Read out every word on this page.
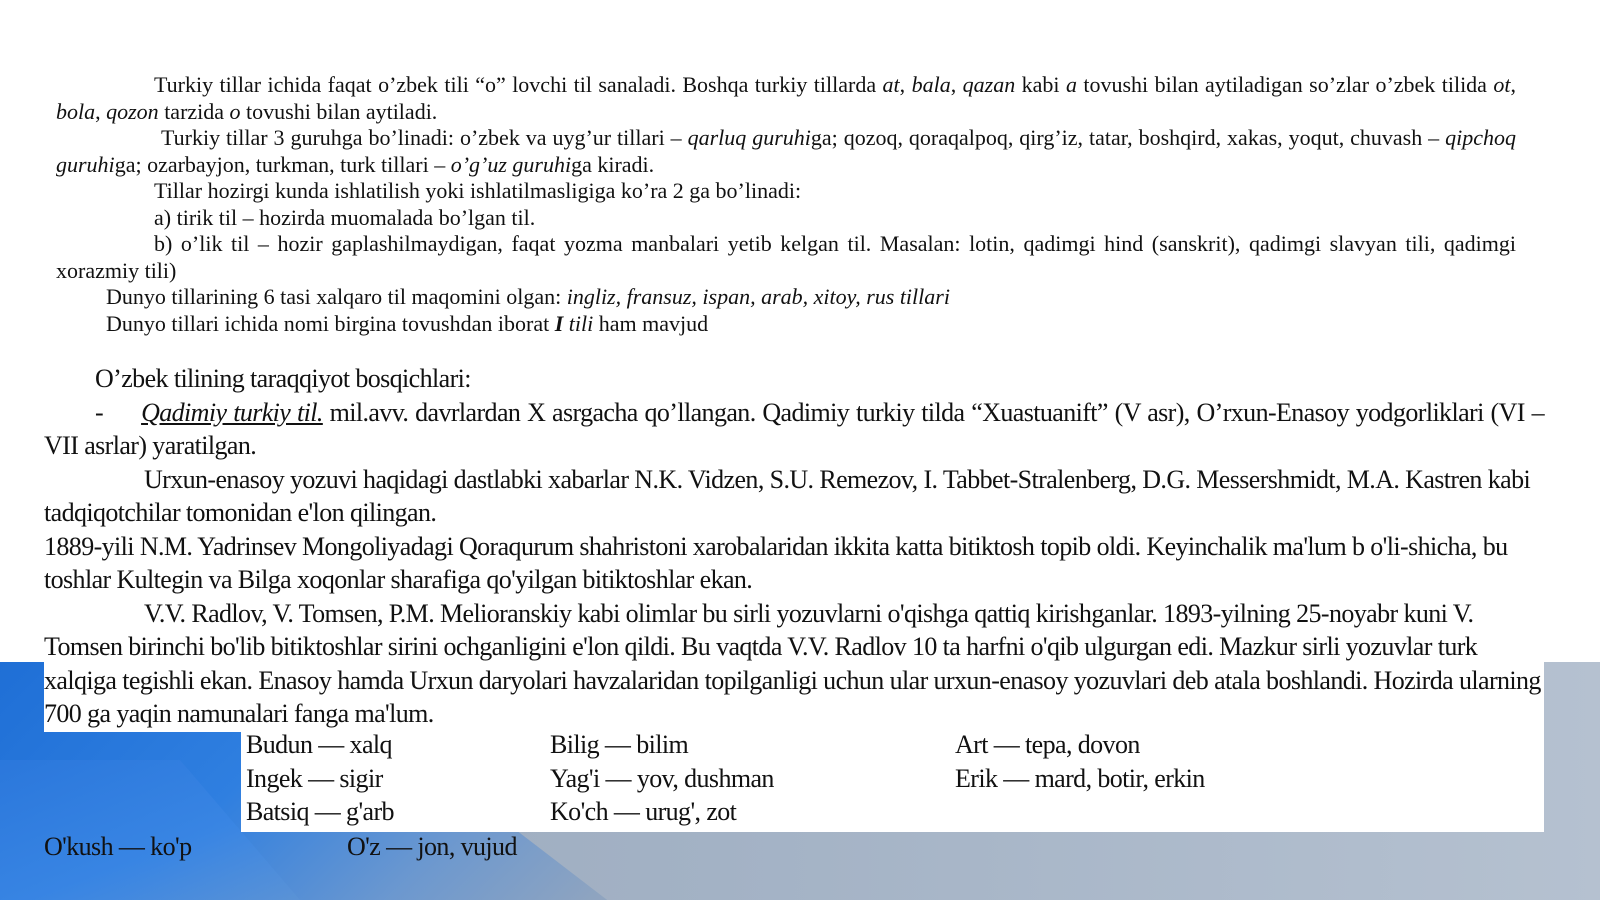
Turkiy tillar ichida faqat o’zbek tili “o” lovchi til sanaladi. Boshqa turkiy tillarda at, bala, qazan kabi a tovushi bilan aytiladigan so’zlar o’zbek tilida ot, bola, qozon tarzida o tovushi bilan aytiladi.

Turkiy tillar 3 guruhga bo’linadi: o’zbek va uyg’ur tillari – qarluq guruhiga; qozoq, qoraqalpoq, qirg’iz, tatar, boshqird, xakas, yoqut, chuvash – qipchoq guruhiga; ozarbayjon, turkman, turk tillari – o’g’uz guruhiga kiradi.

Tillar hozirgi kunda ishlatilish yoki ishlatilmasligiga ko’ra 2 ga bo’linadi:

a) tirik til – hozirda muomalada bo’lgan til.

b) o’lik til – hozir gaplashilmaydigan, faqat yozma manbalari yetib kelgan til. Masalan: lotin, qadimgi hind (sanskrit), qadimgi slavyan tili, qadimgi xorazmiy tili)

Dunyo tillarining 6 tasi xalqaro til maqomini olgan: ingliz, fransuz, ispan, arab, xitoy, rus tillari

Dunyo tillari ichida nomi birgina tovushdan iborat I tili ham mavjud

O’zbek tilining taraqqiyot bosqichlari:

- Qadimiy turkiy til. mil.avv. davrlardan X asrgacha qo’llangan. Qadimiy turkiy tilda “Xuastuanift” (V asr), O’rxun-Enasoy yodgorliklari (VI – VII asrlar) yaratilgan.

Urxun-enasoy yozuvi haqidagi dastlabki xabarlar N.K. Vidzen, S.U. Remezov, I. Tabbet-Stralenberg, D.G. Messershmidt, M.A. Kastren kabi tadqiqotchilar tomonidan e'lon qilingan.

1889-yili N.M. Yadrinsev Mongoliyadagi Qoraqurum shahristoni xarobalaridan ikkita katta bitiktosh topib oldi. Keyinchalik ma'lum b o'li-shicha, bu toshlar Kultegin va Bilga xoqonlar sharafiga qo'yilgan bitiktoshlar ekan.

V.V. Radlov, V. Tomsen, P.M. Melioranskiy kabi olimlar bu sirli yozuvlarni o'qishga qattiq kirishganlar. 1893-yilning 25-noyabr kuni V. Tomsen birinchi bo'lib bitiktoshlar sirini ochganligini e'lon qildi. Bu vaqtda V.V. Radlov 10 ta harfni o'qib ulgurgan edi. Mazkur sirli yozuvlar turk xalqiga tegishli ekan. Enasoy hamda Urxun daryolari havzalaridan topilganligi uchun ular urxun-enasoy yozuvlari deb atala boshlandi. Hozirda ularning 700 ga yaqin namunalari fanga ma'lum.

Budun — xalq
Ingek — sigir
Batsiq — g'arb
Bilig — bilim
Yag'i — yov, dushman
Ko'ch — urug', zot
Art — tepa, dovon
Erik — mard, botir, erkin
O'kush — ko'p	O'z — jon, vujud
